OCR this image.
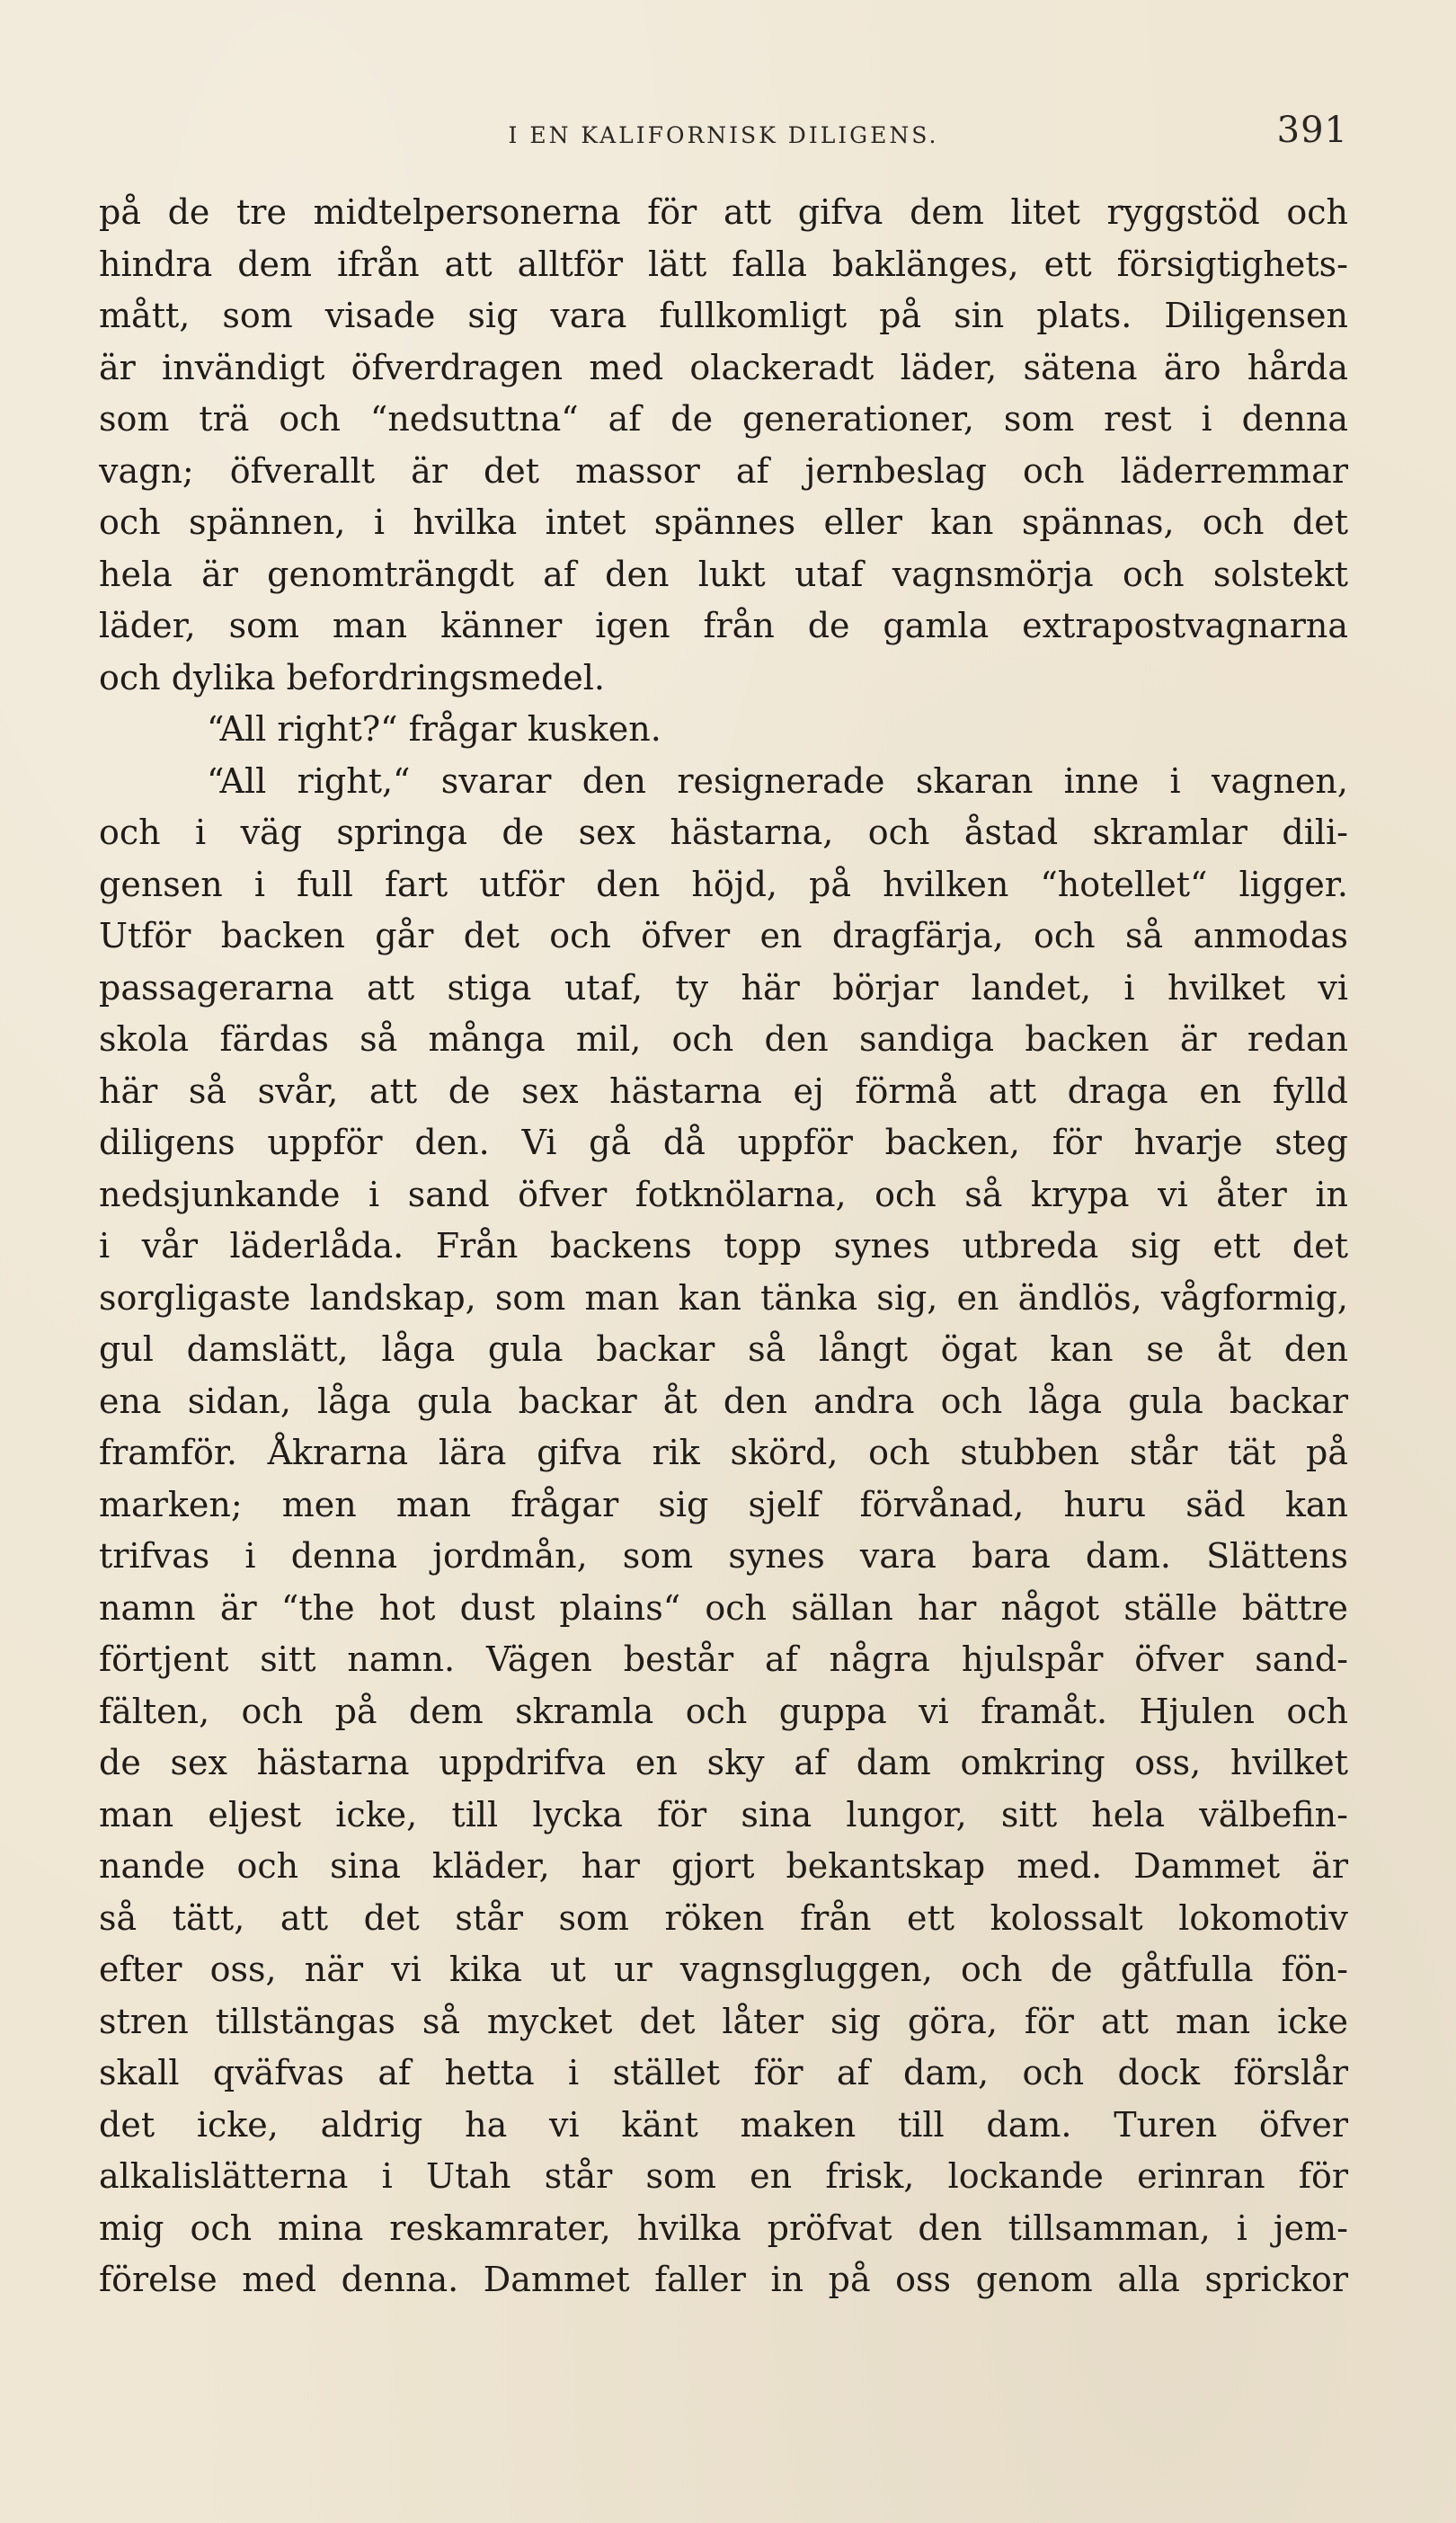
I EN KALIFORNISK DILIGENS.	391
på de tre midtelpersonerna för att gifva dem litet ryggstöd och
hindra dem ifrån att alltför lätt falla baklänges, ett försigtighets-
mått, som visade sig vara fullkomligt på sin plats. Diligensen
är invändigt öfverdragen med olackeradt läder, sätena äro hårda
som trä och “nedsuttna“ af de generationer, som rest i denna
vagn; öfverallt är det massor af jernbeslag och läderremmar
och spännen, i hvilka intet spännes eller kan spännas, och det
hela är genomträngdt af den lukt utaf vagnsmörja och solstekt
läder, som man känner igen från de gamla extrapostvagnarna
och dylika befordringsmedel.
“All right?“ frågar kusken.
“All right,“ svarar den resignerade skaran inne i vagnen,
och i väg springa de sex hästarna, och åstad skramlar dili-
gensen i full fart utför den höjd, på hvilken “hotellet“ ligger.
Utför backen går det och öfver en dragfärja, och så anmodas
passagerarna att stiga utaf, ty här börjar landet, i hvilket vi
skola färdas så många mil, och den sandiga backen är redan
här så svår, att de sex hästarna ej förmå att draga en fylld
diligens uppför den. Vi gå då uppför backen, för hvarje steg
nedsjunkande i sand öfver fotknölarna, och så krypa vi åter in
i vår läderlåda. Från backens topp synes utbreda sig ett det
sorgligaste landskap, som man kan tänka sig, en ändlös, vågformig,
gul damslätt, låga gula backar så långt ögat kan se åt den
ena sidan, låga gula backar åt den andra och låga gula backar
framför. Åkrarna lära gifva rik skörd, och stubben står tät på
marken; men man frågar sig sjelf förvånad, huru säd kan
trifvas i denna jordmån, som synes vara bara dam. Slättens
namn är “the hot dust plains“ och sällan har något ställe bättre
förtjent sitt namn. Vägen består af några hjulspår öfver sand-
fälten, och på dem skramla och guppa vi framåt. Hjulen och
de sex hästarna uppdrifva en sky af dam omkring oss, hvilket
man eljest icke, till lycka för sina lungor, sitt hela välbefin-
nande och sina kläder, har gjort bekantskap med. Dammet är
så tätt, att det står som röken från ett kolossalt lokomotiv
efter oss, när vi kika ut ur vagnsgluggen, och de gåtfulla fön-
stren tillstängas så mycket det låter sig göra, för att man icke
skall qväfvas af hetta i stället för af dam, och dock förslår
det icke, aldrig ha vi känt maken till dam. Turen öfver
alkalislätterna i Utah står som en frisk, lockande erinran för
mig och mina reskamrater, hvilka pröfvat den tillsamman, i jem-
förelse med denna. Dammet faller in på oss genom alla sprickor
